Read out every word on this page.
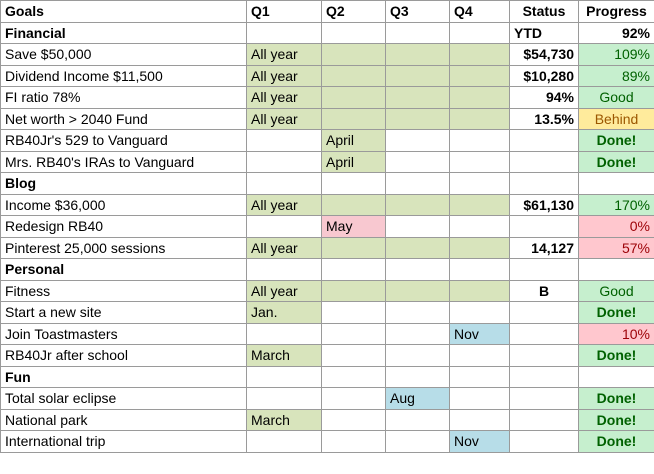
Goals	Q1	Q2	Q3	Q4	Status	Progress
Financial					YTD	92%
Save $50,000	All year				$54,730	109%
Dividend Income $11,500	All year				$10,280	89%
FI ratio 78%	All year				94%	Good
Net worth > 2040 Fund	All year				13.5%	Behind
RB40Jr's 529 to Vanguard		April				Done!
Mrs. RB40's IRAs to Vanguard		April				Done!
Blog						
Income $36,000	All year				$61,130	170%
Redesign RB40		May				0%
Pinterest 25,000 sessions	All year				14,127	57%
Personal						
Fitness	All year				B	Good
Start a new site	Jan.					Done!
Join Toastmasters				Nov		10%
RB40Jr after school	March					Done!
Fun						
Total solar eclipse			Aug			Done!
National park	March					Done!
International trip				Nov		Done!
